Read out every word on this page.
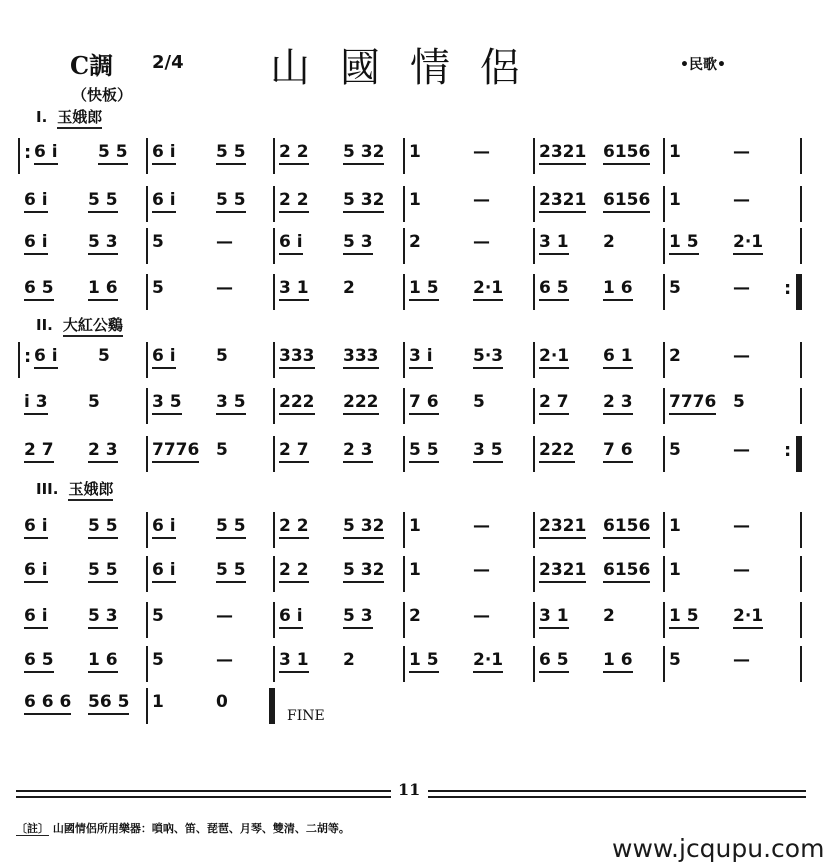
C調 2/4 山國情侶	•民歌•
（快板）
I. 玉娥郎
II. 大紅公鷄
III. 玉娥郎
: 6 i 5 5 6 i 5 5 2 2 5 32 1	—	2321 6156 1	—
6 i 5 5 6 i 5 5 2 2 5 32 1	—	2321 6156 1	—
6 i 5 3 5	—	6 i 5 3 2	—	3 1 2	1 5 2·1
:
6 5 1 6 5	—	3 1 2	1 5 2·1 6 5 1 6 5	—
: 6 i 5 6 i 5	333 333 3 i 5·3 2·1 6 1 2	—
i 3 5	3 5 3 5 222 222 7 6 5	2 7 2 3 7776 5
:
2 7 2 3 7776 5	2 7 2 3 5 5 3 5 222 7 6 5	—
6 i 5 5 6 i 5 5 2 2 5 32 1	—	2321 6156 1	—
6 i 5 5 6 i 5 5 2 2 5 32 1	—	2321 6156 1	—
6 i 5 3 5	—	6 i 5 3 2	—	3 1 2	1 5 2·1
6 5 1 6 5	—	3 1 2	1 5 2·1 6 5 1 6 5	—
6 6 6 56 5 1	0
FINE
11
〔註〕 山國情侶所用樂器：嗩吶、笛、琵琶、月琴、雙清、二胡等。
www.jcqupu.com
